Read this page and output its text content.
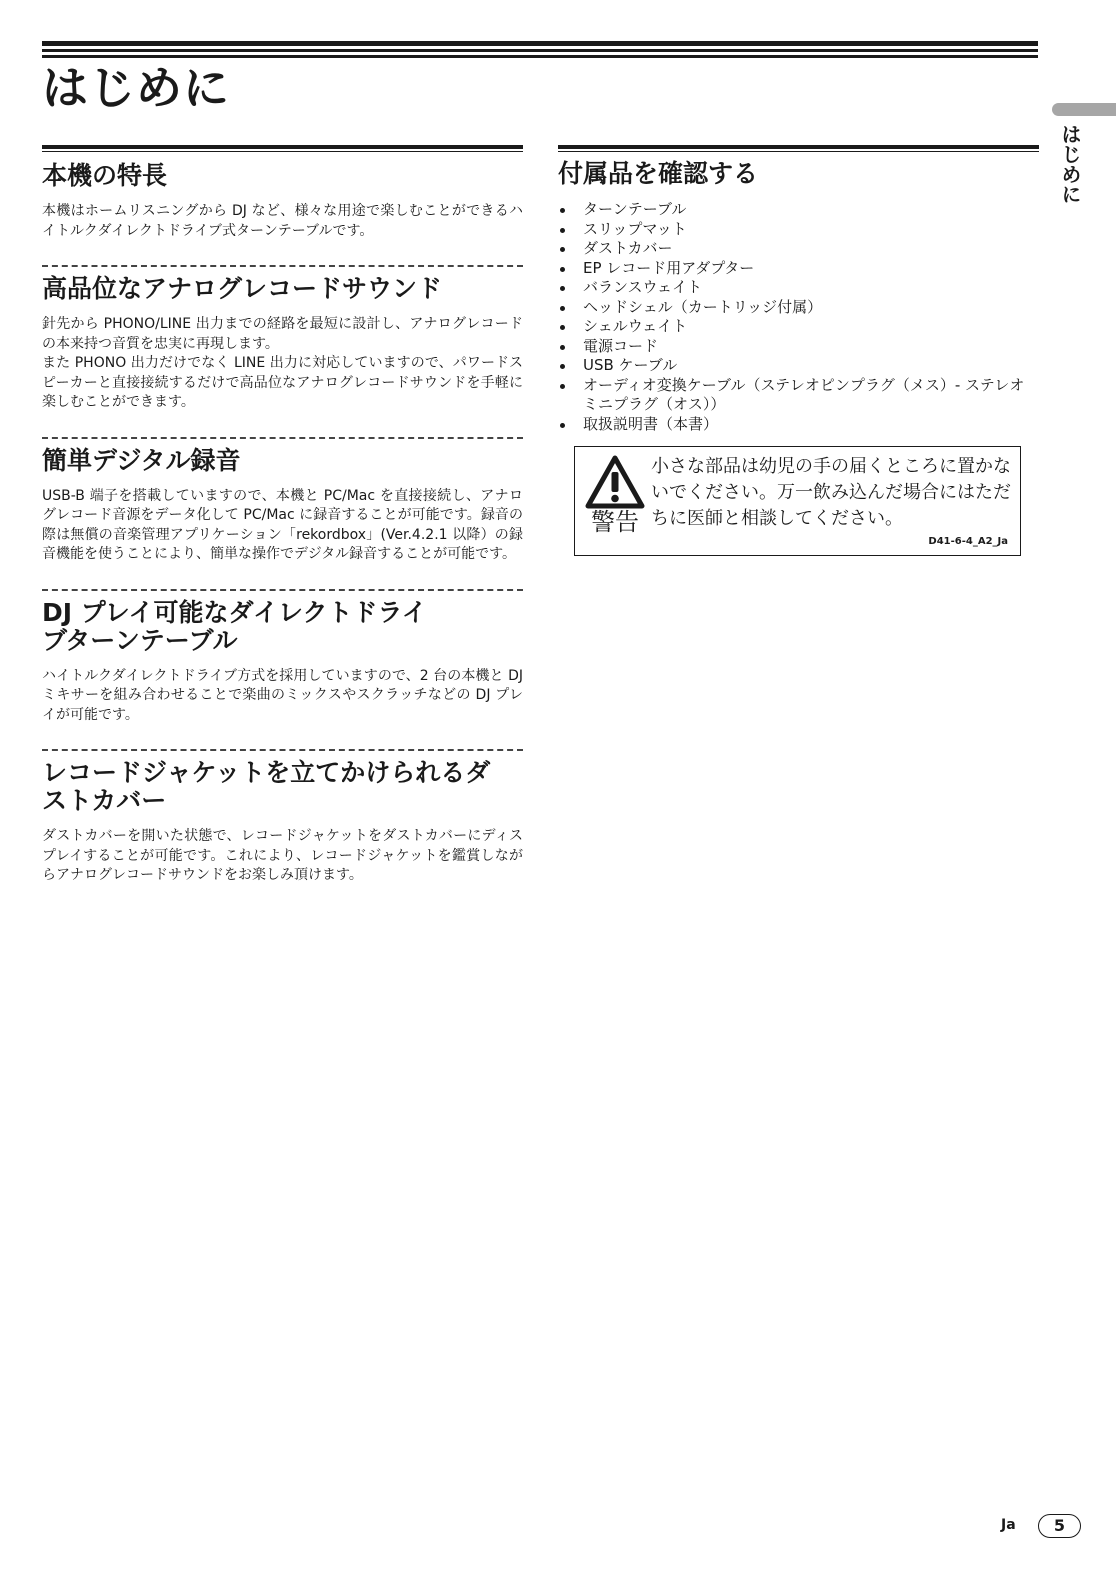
はじめに
はじめに
本機の特長

本機はホームリスニングから DJ など、様々な用途で楽しむことができるハイトルクダイレクトドライブ式ターンテーブルです。

高品位なアナログレコードサウンド

針先から PHONO/LINE 出力までの経路を最短に設計し、アナログレコードの本来持つ音質を忠実に再現します。
また PHONO 出力だけでなく LINE 出力に対応していますので、パワードスピーカーと直接接続するだけで高品位なアナログレコードサウンドを手軽に楽しむことができます。

簡単デジタル録音

USB-B 端子を搭載していますので、本機と PC/Mac を直接接続し、アナログレコード音源をデータ化して PC/Mac に録音することが可能です。録音の際は無償の音楽管理アプリケーション「rekordbox」(Ver.4.2.1 以降）の録音機能を使うことにより、簡単な操作でデジタル録音することが可能です。

DJ プレイ可能なダイレクトドライブターンテーブル

ハイトルクダイレクトドライブ方式を採用していますので、2 台の本機と DJ ミキサーを組み合わせることで楽曲のミックスやスクラッチなどの DJ プレイが可能です。

レコードジャケットを立てかけられるダストカバー

ダストカバーを開いた状態で、レコードジャケットをダストカバーにディスプレイすることが可能です。これにより、レコードジャケットを鑑賞しながらアナログレコードサウンドをお楽しみ頂けます。

付属品を確認する
ターンテーブル
スリップマット
ダストカバー
EP レコード用アダプター
バランスウェイト
ヘッドシェル（カートリッジ付属）
シェルウェイト
電源コード
USB ケーブル
オーディオ変換ケーブル（ステレオピンプラグ（メス）- ステレオミニプラグ（オス））
取扱説明書（本書）
警告
小さな部品は幼児の手の届くところに置かないでください。万一飲み込んだ場合にはただちに医師と相談してください。
D41-6-4_A2_Ja
Ja	5
